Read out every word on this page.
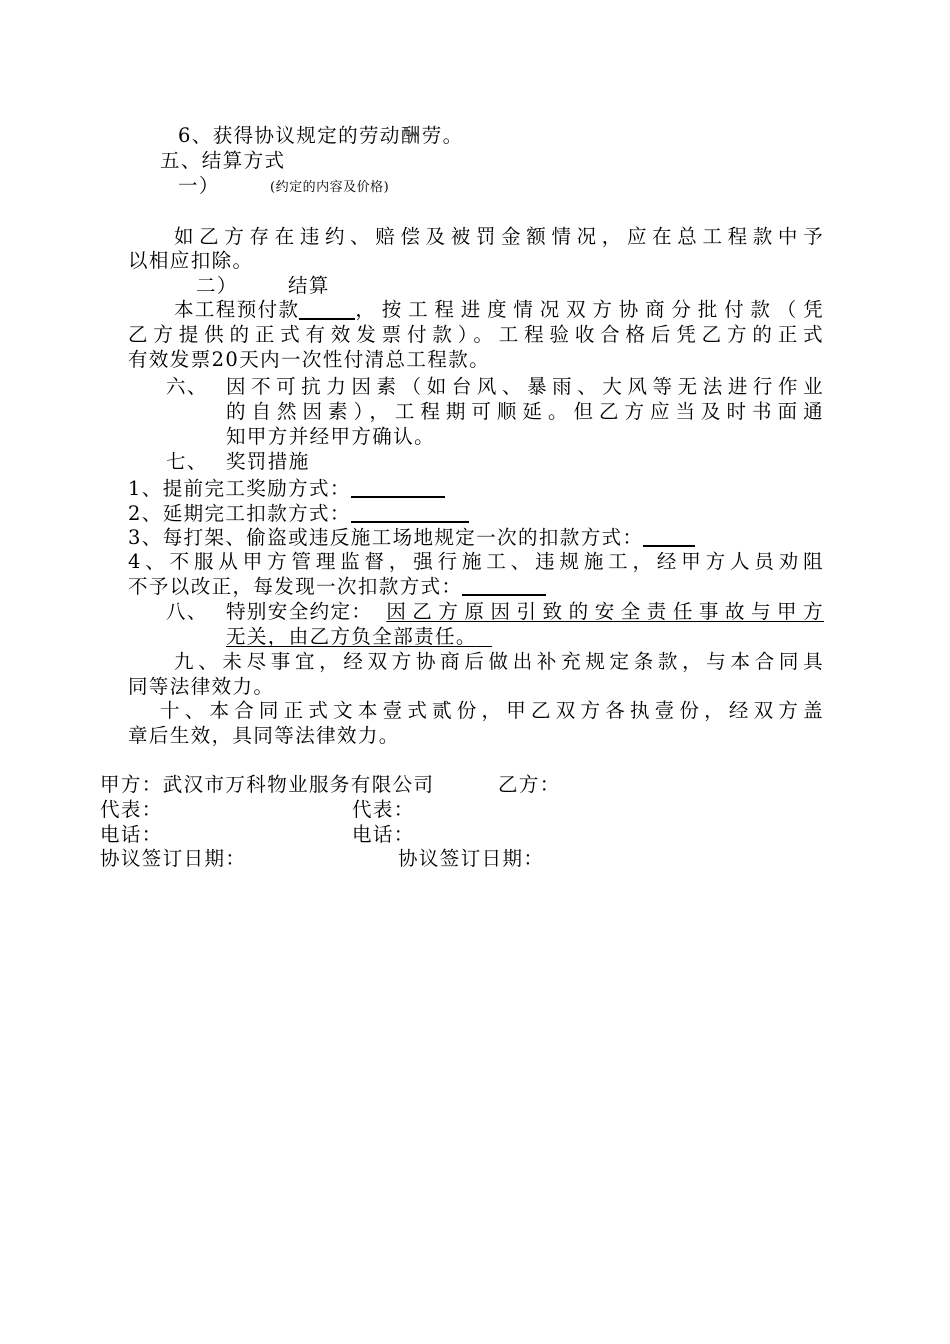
6、获得协议规定的劳动酬劳。
五、结算方式
一）	(约定的内容及价格)
如乙方存在违约、赔偿及被罚金额情况，应在总工程款中予
以相应扣除。
二）	结算
本工程预付款	，按工程进度情况双方协商分批付款（凭
乙方提供的正式有效发票付款）。工程验收合格后凭乙方的正式
有效发票20天内一次性付清总工程款。
六、 因不可抗力因素（如台风、暴雨、大风等无法进行作业
的自然因素），工程期可顺延。但乙方应当及时书面通
知甲方并经甲方确认。
七、 奖罚措施
1、提前完工奖励方式：
2、延期完工扣款方式：
3、每打架、偷盗或违反施工场地规定一次的扣款方式：
4、不服从甲方管理监督，强行施工、违规施工，经甲方人员劝阻
不予以改正，每发现一次扣款方式：
八、 特别安全约定： 因乙方原因引致的安全责任事故与甲方
无关，由乙方负全部责任。
九、未尽事宜，经双方协商后做出补充规定条款，与本合同具
同等法律效力。
十、本合同正式文本壹式贰份，甲乙双方各执壹份，经双方盖
章后生效，具同等法律效力。
甲方：武汉市万科物业服务有限公司	乙方：
代表：	代表：
电话：	电话：
协议签订日期：	协议签订日期：
